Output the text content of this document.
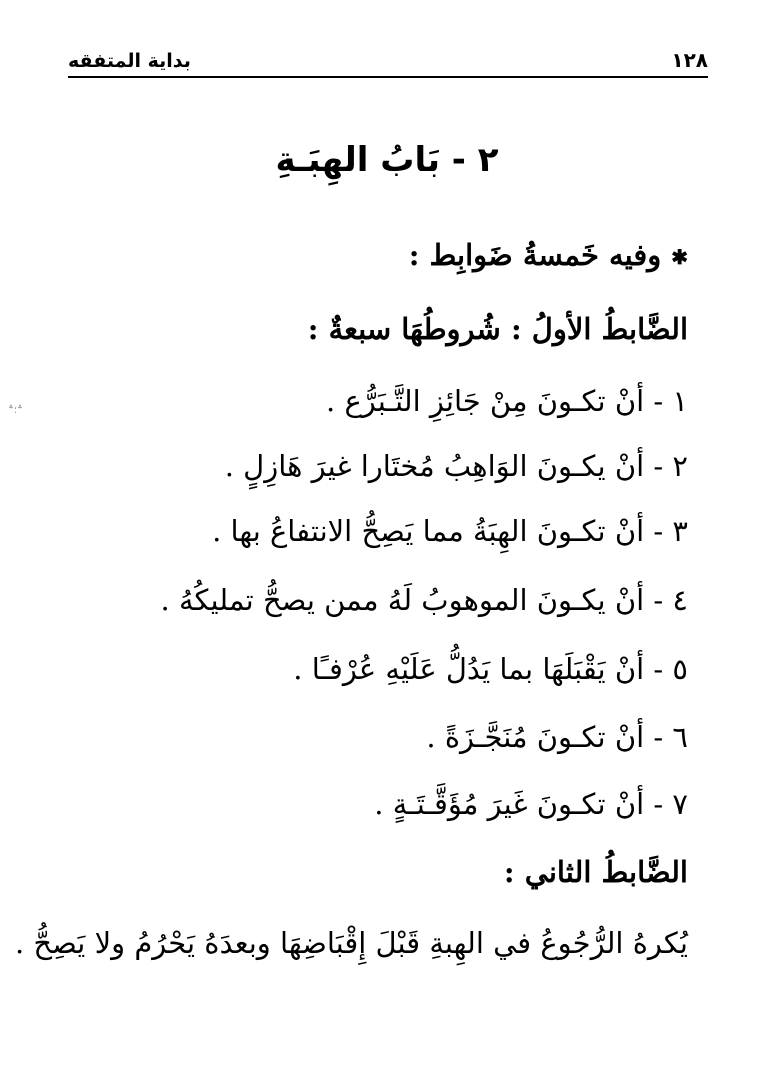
١٢٨
بداية المتفقه
٢ - بَابُ الهِبَـةِ
✱وفيه خَمسةُ ضَوابِط :
الضَّابطُ الأولُ : شُروطُهَا سبعةٌ :
١ - أنْ تكـونَ مِنْ جَائِزِ التَّـبَرُّع .
٢ - أنْ يكـونَ الوَاهِبُ مُختَارا غيرَ هَازِلٍ .
٣ - أنْ تكـونَ الهِبَةُ مما يَصِحُّ الانتفاعُ بها .
٤ - أنْ يكـونَ الموهوبُ لَهُ ممن يصحُّ تمليكُهُ .
٥ - أنْ يَقْبَلَهَا بما يَدُلُّ عَلَيْهِ عُرْفـًا .
٦ - أنْ تكـونَ مُنَجَّـزَةً .
٧ - أنْ تكـونَ غَيرَ مُؤَقَّـتَـةٍ .
الضَّابطُ الثاني :
يُكرهُ الرُّجُوعُ في الهِبةِ قَبْلَ إِقْبَاضِهَا وبعدَهُ يَحْرُمُ ولا يَصِحُّ .
؞؛؞
